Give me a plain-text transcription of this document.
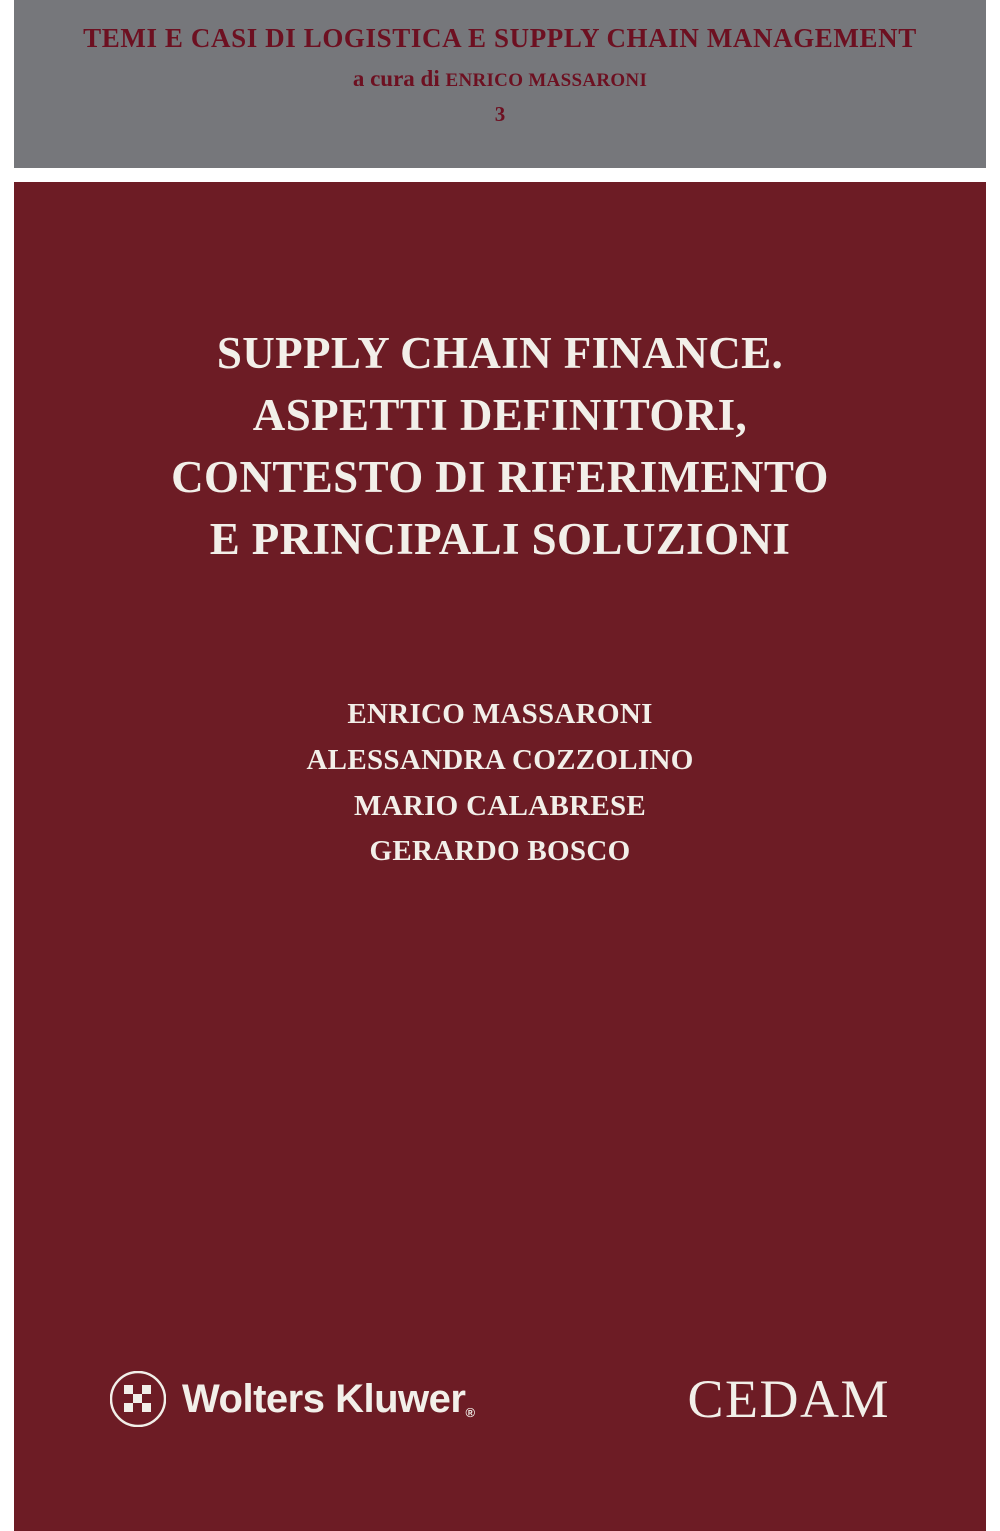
TEMI E CASI DI LOGISTICA E SUPPLY CHAIN MANAGEMENT
a cura di ENRICO MASSARONI
3
SUPPLY CHAIN FINANCE.
ASPETTI DEFINITORI,
CONTESTO DI RIFERIMENTO
E PRINCIPALI SOLUZIONI
ENRICO MASSARONI
ALESSANDRA COZZOLINO
MARIO CALABRESE
GERARDO BOSCO
Wolters Kluwer®	CEDAM
